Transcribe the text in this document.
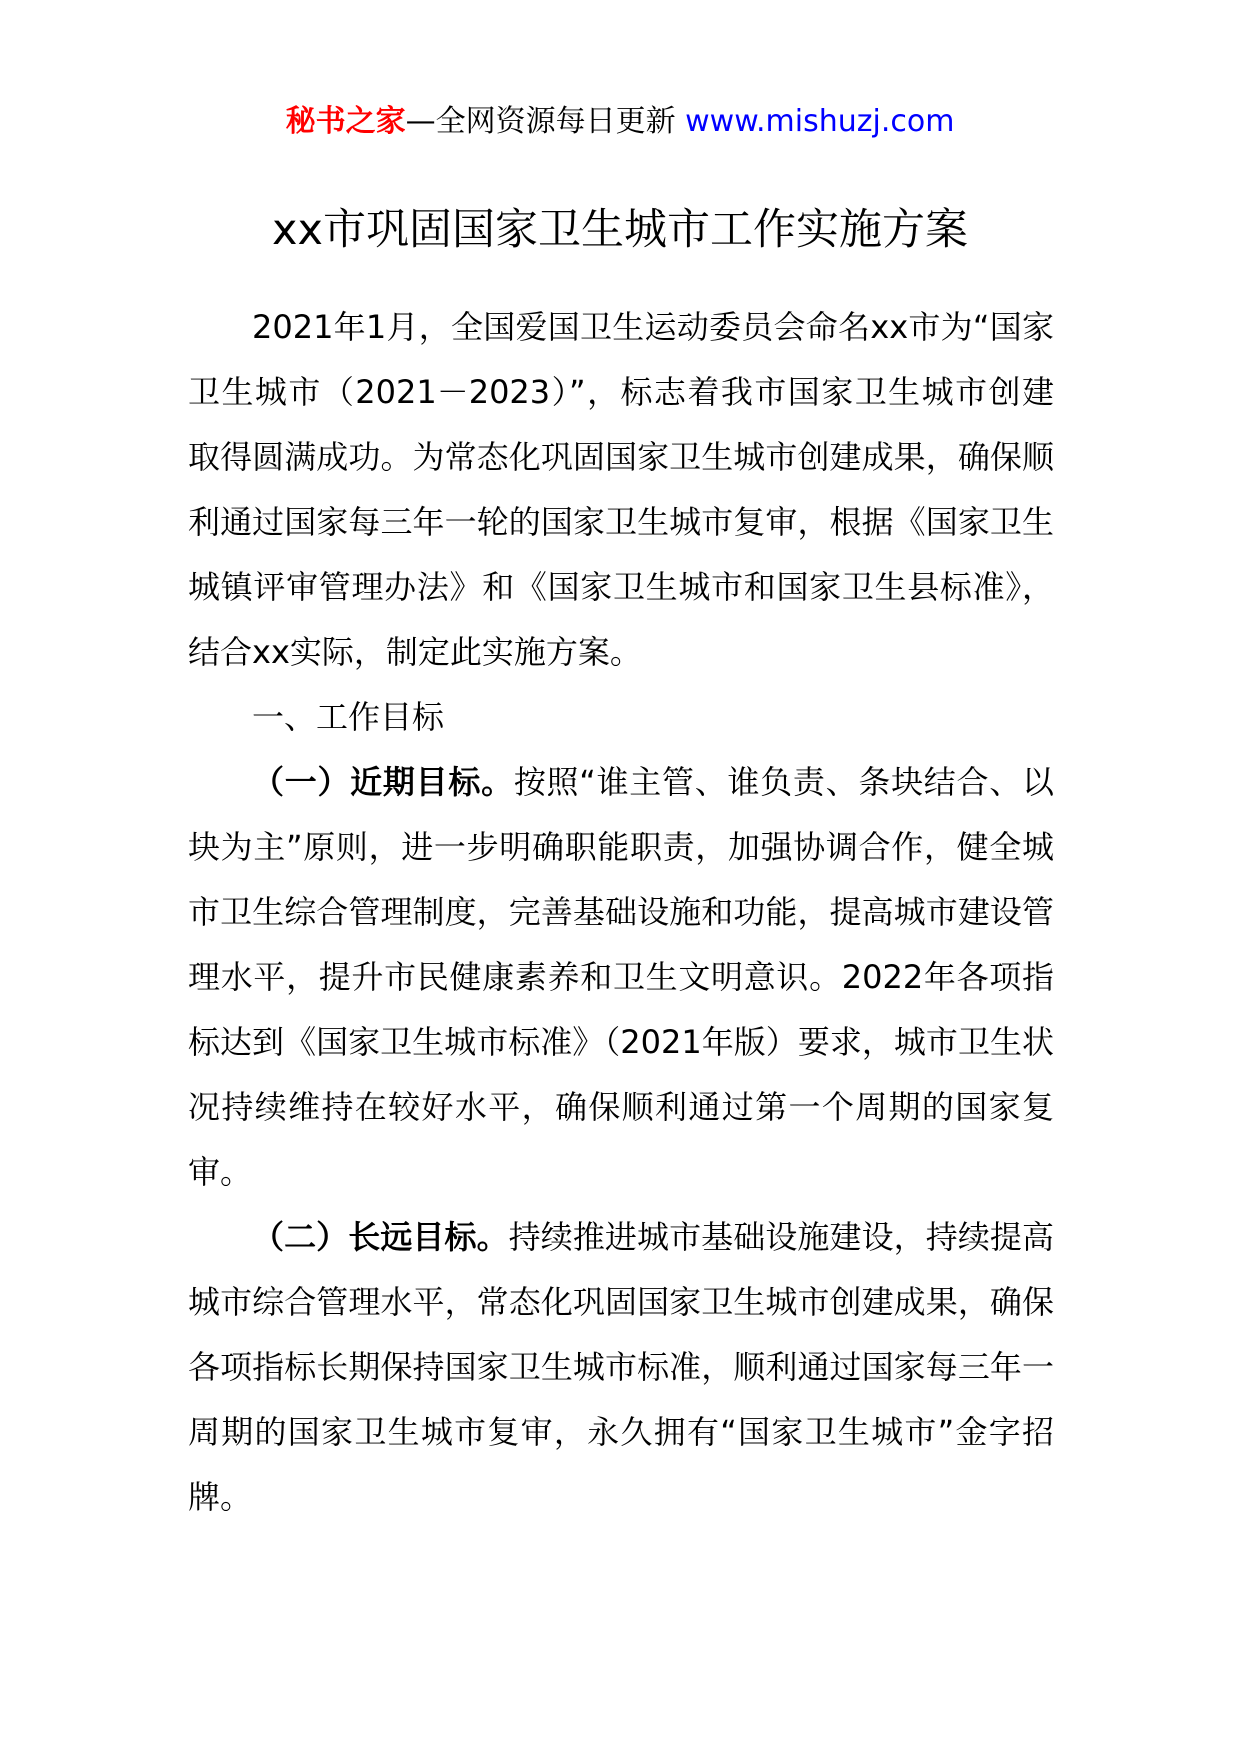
秘书之家—全网资源每日更新 www.mishuzj.com
xx市巩固国家卫生城市工作实施方案

2021年1月，全国爱国卫生运动委员会命名xx市为“国家卫生城市（2021－2023）”，标志着我市国家卫生城市创建取得圆满成功。为常态化巩固国家卫生城市创建成果，确保顺利通过国家每三年一轮的国家卫生城市复审，根据《国家卫生城镇评审管理办法》和《国家卫生城市和国家卫生县标准》，结合xx实际，制定此实施方案。

一、工作目标

（一）近期目标。按照“谁主管、谁负责、条块结合、以块为主”原则，进一步明确职能职责，加强协调合作，健全城市卫生综合管理制度，完善基础设施和功能，提高城市建设管理水平，提升市民健康素养和卫生文明意识。2022年各项指标达到《国家卫生城市标准》（2021年版）要求，城市卫生状况持续维持在较好水平，确保顺利通过第一个周期的国家复审。

（二）长远目标。持续推进城市基础设施建设，持续提高城市综合管理水平，常态化巩固国家卫生城市创建成果，确保各项指标长期保持国家卫生城市标准，顺利通过国家每三年一周期的国家卫生城市复审，永久拥有“国家卫生城市”金字招牌。
